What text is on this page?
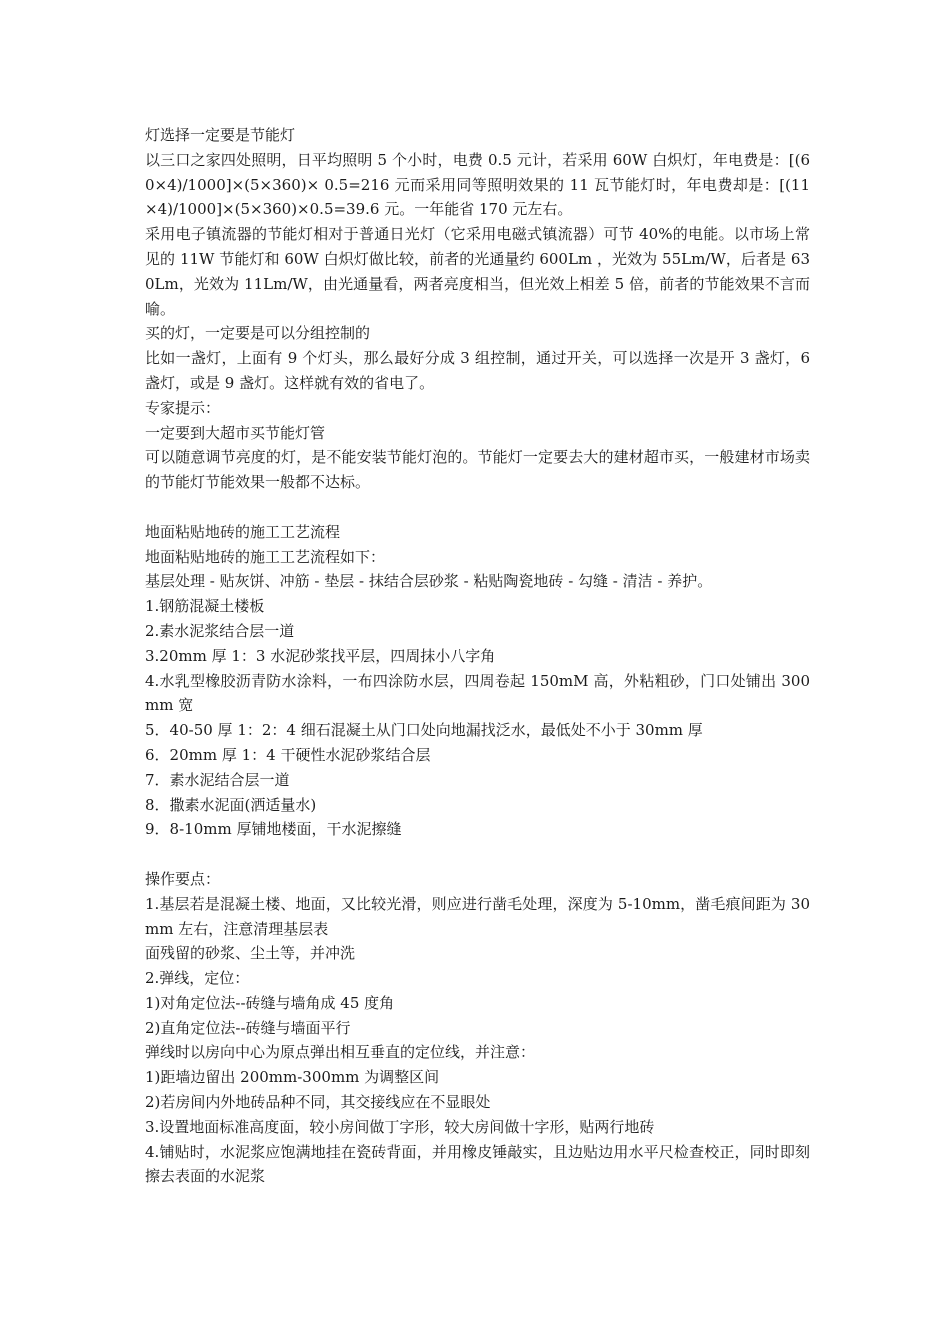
灯选择一定要是节能灯
以三口之家四处照明，日平均照明 5 个小时，电费 0.5 元计，若采用 60W 白炽灯，年电费是：[(60×4)/1000]×(5×360)× 0.5=216 元而采用同等照明效果的 11 瓦节能灯时，年电费却是：[(11×4)/1000]×(5×360)×0.5=39.6 元。一年能省 170 元左右。
采用电子镇流器的节能灯相对于普通日光灯（它采用电磁式镇流器）可节 40%的电能。以市场上常见的 11W 节能灯和 60W 白炽灯做比较，前者的光通量约 600Lm ，光效为 55Lm/W，后者是 630Lm，光效为 11Lm/W，由光通量看，两者亮度相当，但光效上相差 5 倍，前者的节能效果不言而喻。
买的灯，一定要是可以分组控制的
比如一盏灯，上面有 9 个灯头，那么最好分成 3 组控制，通过开关，可以选择一次是开 3 盏灯，6 盏灯，或是 9 盏灯。这样就有效的省电了。
专家提示：
一定要到大超市买节能灯管
可以随意调节亮度的灯，是不能安装节能灯泡的。节能灯一定要去大的建材超市买，一般建材市场卖的节能灯节能效果一般都不达标。
地面粘贴地砖的施工工艺流程
地面粘贴地砖的施工工艺流程如下：
基层处理 - 贴灰饼、冲筋 - 垫层 - 抹结合层砂浆 - 粘贴陶瓷地砖 - 勾缝 - 清洁 - 养护。
1.钢筋混凝土楼板
2.素水泥浆结合层一道
3.20mm 厚 1：3 水泥砂浆找平层，四周抹小八字角
4.水乳型橡胶沥青防水涂料，一布四涂防水层，四周卷起 150mM 高，外粘粗砂，门口处铺出 300mm 宽
5．40-50 厚 1：2：4 细石混凝土从门口处向地漏找泛水，最低处不小于 30mm 厚
6．20mm 厚 1：4 干硬性水泥砂浆结合层
7．素水泥结合层一道
8．撒素水泥面(洒适量水)
9．8-10mm 厚铺地楼面，干水泥擦缝
操作要点：
1.基层若是混凝土楼、地面，又比较光滑，则应进行凿毛处理，深度为 5-10mm，凿毛痕间距为 30mm 左右，注意清理基层表
面残留的砂浆、尘土等，并冲洗
2.弹线，定位：
1)对角定位法--砖缝与墙角成 45 度角
2)直角定位法--砖缝与墙面平行
弹线时以房向中心为原点弹出相互垂直的定位线，并注意：
1)距墙边留出 200mm-300mm 为调整区间
2)若房间内外地砖品种不同，其交接线应在不显眼处
3.设置地面标准高度面，较小房间做丁字形，较大房间做十字形，贴两行地砖
4.铺贴时，水泥浆应饱满地挂在瓷砖背面，并用橡皮锤敲实，且边贴边用水平尺检查校正，同时即刻擦去表面的水泥浆
